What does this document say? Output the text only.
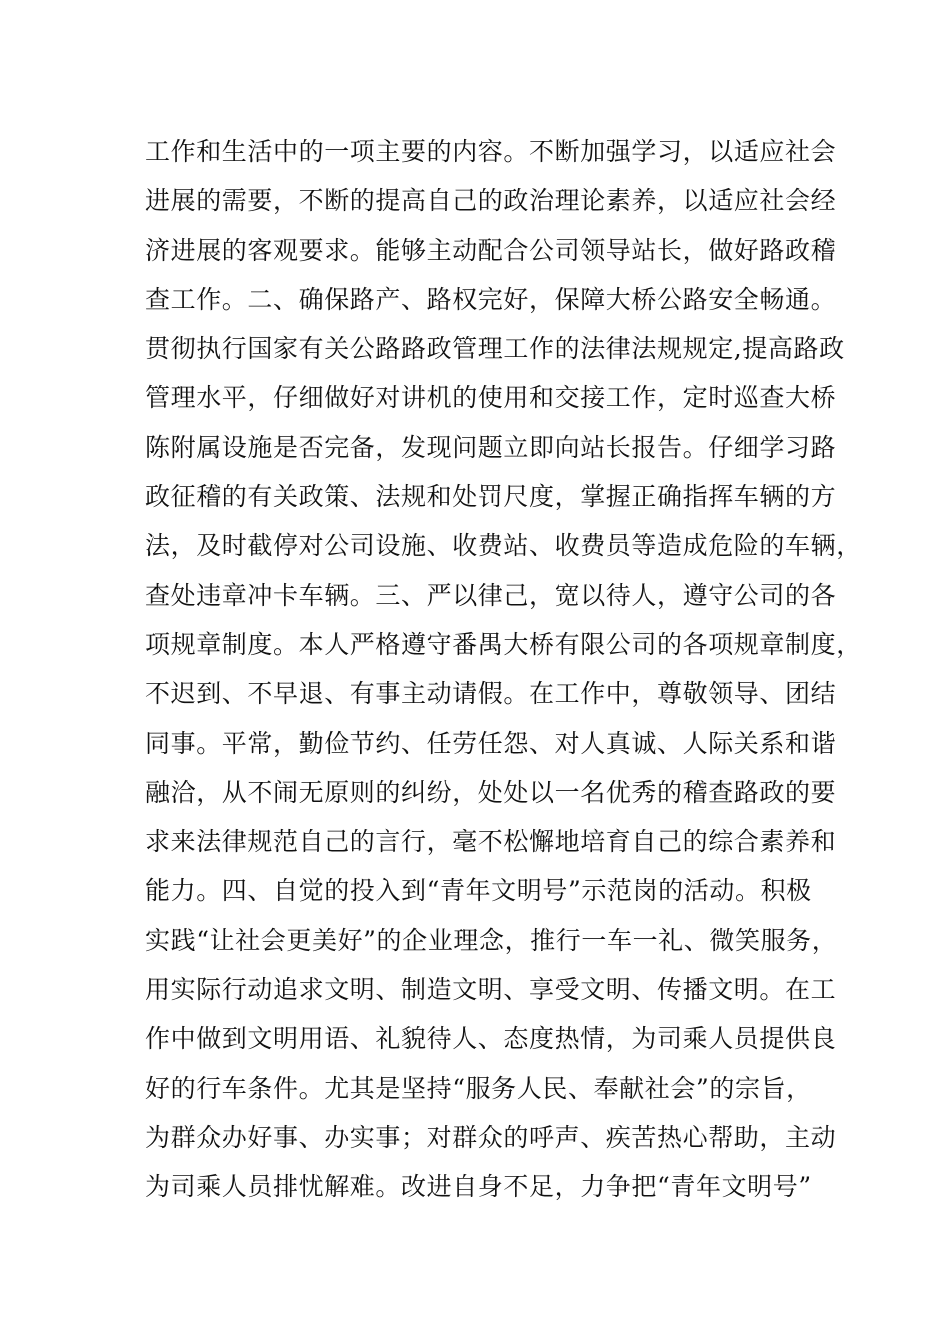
工作和生活中的一项主要的内容。不断加强学习，以适应社会
进展的需要，不断的提高自己的政治理论素养，以适应社会经
济进展的客观要求。能够主动配合公司领导站长，做好路政稽
查工作。二、确保路产、路权完好，保障大桥公路安全畅通。
贯彻执行国家有关公路路政管理工作的法律法规规定,提高路政
管理水平，仔细做好对讲机的使用和交接工作，定时巡查大桥
陈附属设施是否完备，发现问题立即向站长报告。仔细学习路
政征稽的有关政策、法规和处罚尺度，掌握正确指挥车辆的方
法，及时截停对公司设施、收费站、收费员等造成危险的车辆，
查处违章冲卡车辆。三、严以律己，宽以待人，遵守公司的各
项规章制度。本人严格遵守番禺大桥有限公司的各项规章制度，
不迟到、不早退、有事主动请假。在工作中，尊敬领导、团结
同事。平常，勤俭节约、任劳任怨、对人真诚、人际关系和谐
融洽，从不闹无原则的纠纷，处处以一名优秀的稽查路政的要
求来法律规范自己的言行，毫不松懈地培育自己的综合素养和
能力。四、自觉的投入到“青年文明号”示范岗的活动。积极
实践“让社会更美好”的企业理念，推行一车一礼、微笑服务，
用实际行动追求文明、制造文明、享受文明、传播文明。在工
作中做到文明用语、礼貌待人、态度热情，为司乘人员提供良
好的行车条件。尤其是坚持“服务人民、奉献社会”的宗旨，
为群众办好事、办实事；对群众的呼声、疾苦热心帮助，主动
为司乘人员排忧解难。改进自身不足，力争把“青年文明号”
